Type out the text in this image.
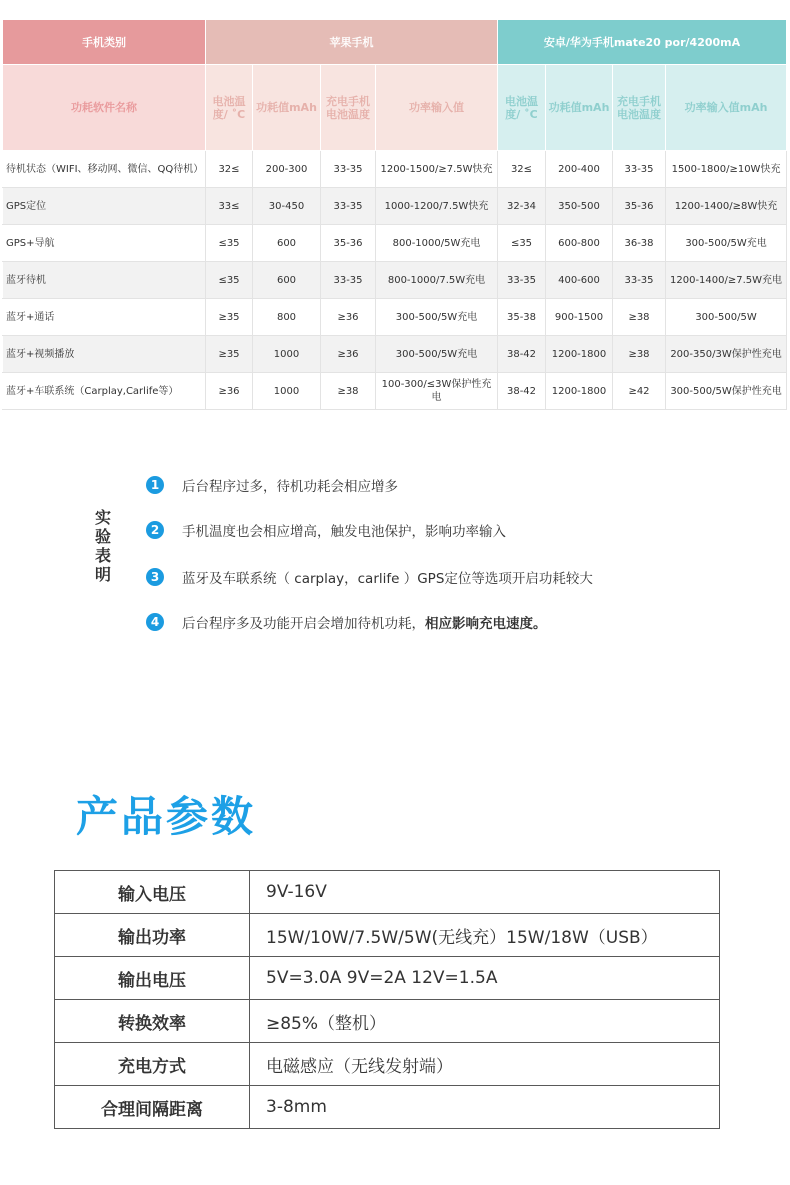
手机类别	苹果手机				安卓/华为手机mate20 por/4200mA			
功耗软件名称	电池温度/ ˚C	功耗值mAh	充电手机电池温度	功率输入值	电池温度/ ˚C	功耗值mAh	充电手机电池温度	功率输入值mAh
待机状态（WIFI、移动网、微信、QQ待机）	32≤	200-300	33-35	1200-1500/≥7.5W快充	32≤	200-400	33-35	1500-1800/≥10W快充
GPS定位	33≤	30-450	33-35	1000-1200/7.5W快充	32-34	350-500	35-36	1200-1400/≥8W快充
GPS+导航	≤35	600	35-36	800-1000/5W充电	≤35	600-800	36-38	300-500/5W充电
蓝牙待机	≤35	600	33-35	800-1000/7.5W充电	33-35	400-600	33-35	1200-1400/≥7.5W充电
蓝牙+通话	≥35	800	≥36	300-500/5W充电	35-38	900-1500	≥38	300-500/5W
蓝牙+视频播放	≥35	1000	≥36	300-500/5W充电	38-42	1200-1800	≥38	200-350/3W保护性充电
蓝牙+车联系统（Carplay,Carlife等）	≥36	1000	≥38	100-300/≤3W保护性充电	38-42	1200-1800	≥42	300-500/5W保护性充电
实
验
表
明
1	后台程序过多，待机功耗会相应增多
2	手机温度也会相应增高，触发电池保护，影响功率输入
3	蓝牙及车联系统（ carplay，carlife ）GPS定位等选项开启功耗较大
4	后台程序多及功能开启会增加待机功耗， 相应影响充电速度。
产品参数
输入电压	9V-16V
输出功率	15W/10W/7.5W/5W(无线充）15W/18W（USB）
输出电压	5V=3.0A 9V=2A 12V=1.5A
转换效率	≥85%（整机）
充电方式	电磁感应（无线发射端）
合理间隔距离	3-8mm
